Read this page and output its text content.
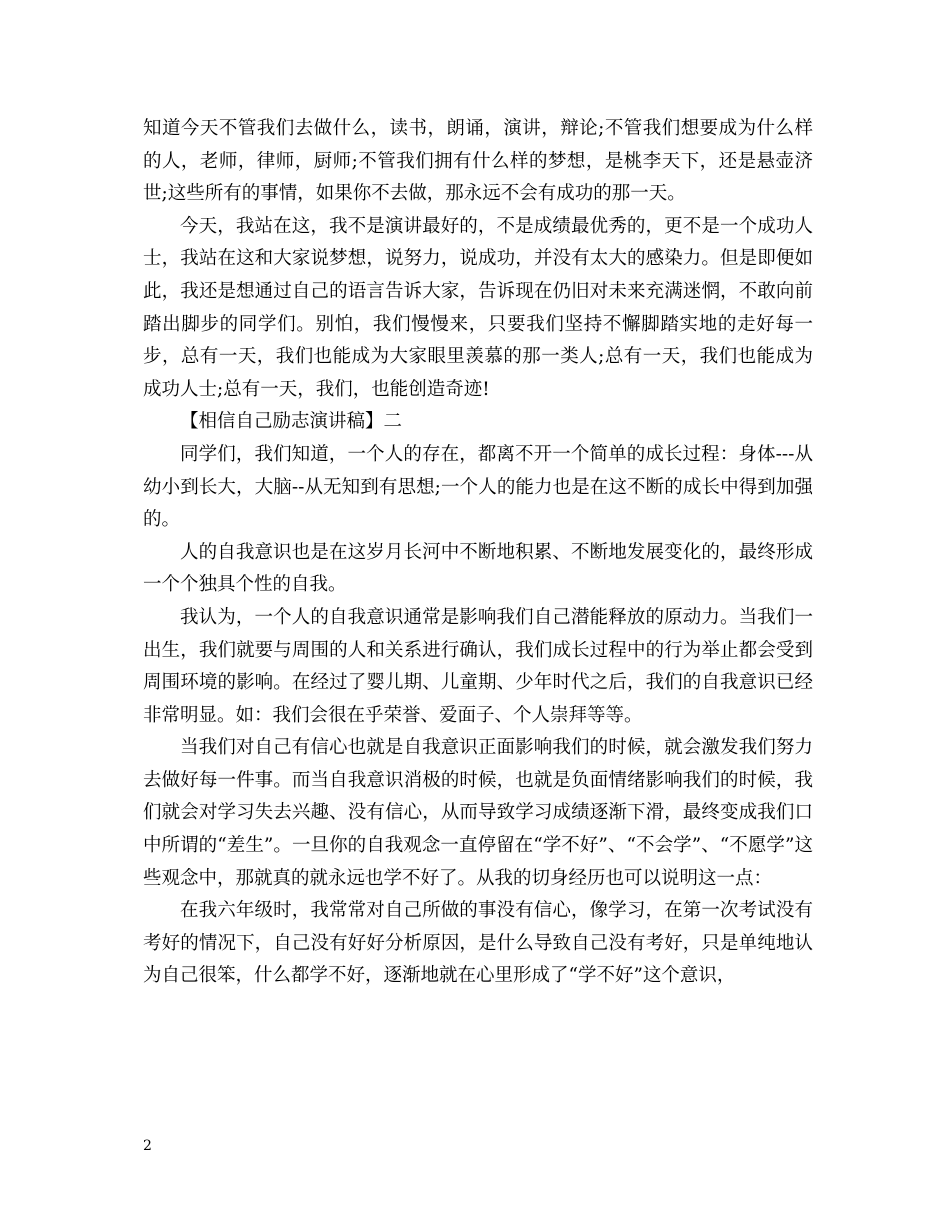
知道今天不管我们去做什么，读书，朗诵，演讲，辩论;不管我们想要成为什么样的人，老师，律师，厨师;不管我们拥有什么样的梦想，是桃李天下，还是悬壶济世;这些所有的事情，如果你不去做，那永远不会有成功的那一天。

今天，我站在这，我不是演讲最好的，不是成绩最优秀的，更不是一个成功人士，我站在这和大家说梦想，说努力，说成功，并没有太大的感染力。但是即便如此，我还是想通过自己的语言告诉大家，告诉现在仍旧对未来充满迷惘，不敢向前踏出脚步的同学们。别怕，我们慢慢来，只要我们坚持不懈脚踏实地的走好每一步，总有一天，我们也能成为大家眼里羡慕的那一类人;总有一天，我们也能成为成功人士;总有一天，我们，也能创造奇迹!

【相信自己励志演讲稿】二

同学们，我们知道，一个人的存在，都离不开一个简单的成长过程：身体---从幼小到长大，大脑--从无知到有思想;一个人的能力也是在这不断的成长中得到加强的。

人的自我意识也是在这岁月长河中不断地积累、不断地发展变化的，最终形成一个个独具个性的自我。

我认为，一个人的自我意识通常是影响我们自己潜能释放的原动力。当我们一出生，我们就要与周围的人和关系进行确认，我们成长过程中的行为举止都会受到周围环境的影响。在经过了婴儿期、儿童期、少年时代之后，我们的自我意识已经非常明显。如：我们会很在乎荣誉、爱面子、个人崇拜等等。

当我们对自己有信心也就是自我意识正面影响我们的时候，就会激发我们努力去做好每一件事。而当自我意识消极的时候，也就是负面情绪影响我们的时候，我们就会对学习失去兴趣、没有信心，从而导致学习成绩逐渐下滑，最终变成我们口中所谓的“差生”。一旦你的自我观念一直停留在“学不好”、“不会学”、“不愿学”这些观念中，那就真的就永远也学不好了。从我的切身经历也可以说明这一点：

在我六年级时，我常常对自己所做的事没有信心，像学习，在第一次考试没有考好的情况下，自己没有好好分析原因，是什么导致自己没有考好，只是单纯地认为自己很笨，什么都学不好，逐渐地就在心里形成了“学不好”这个意识，

2
